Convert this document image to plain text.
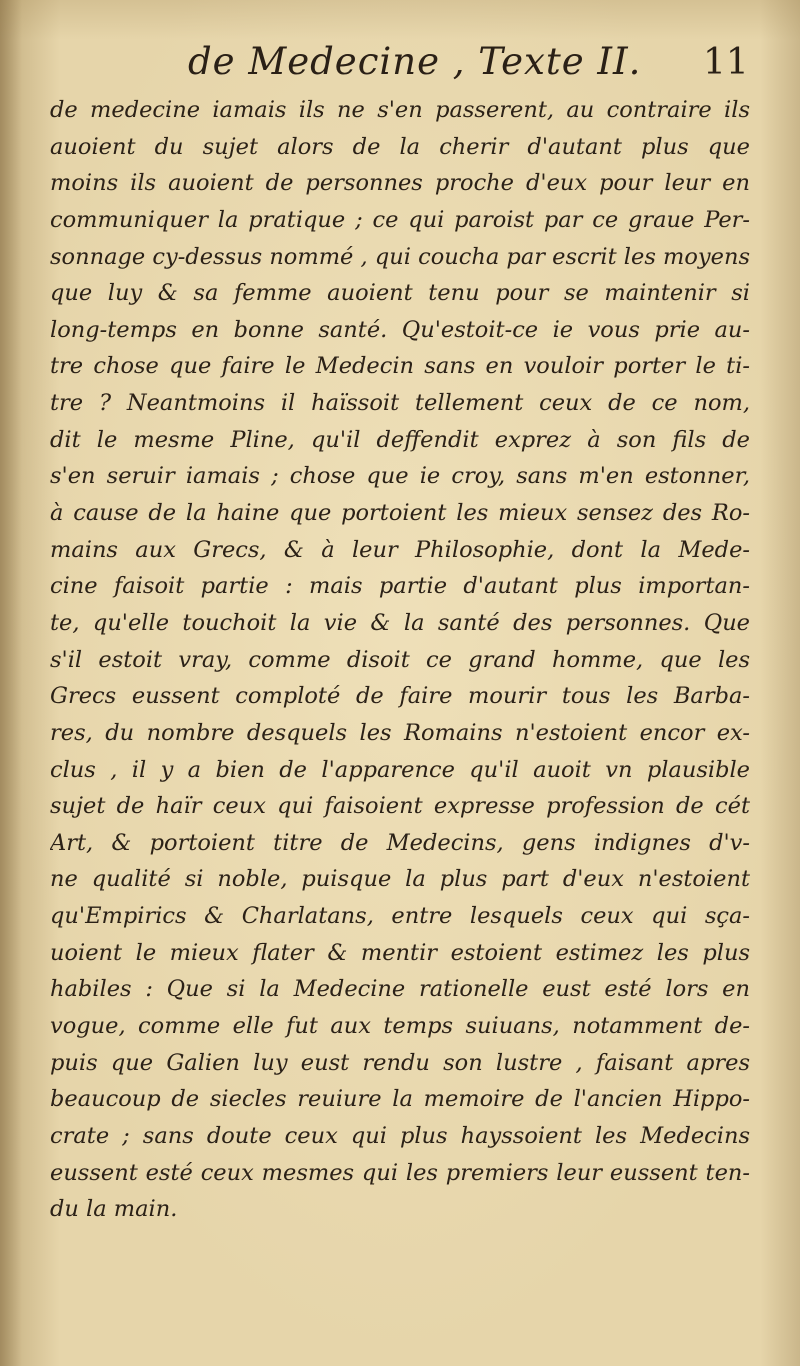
de Medecine , Texte II. 11
de medecine iamais ils ne s'en passerent, au contraire ils
auoient du sujet alors de la cherir d'autant plus que
moins ils auoient de personnes proche d'eux pour leur en
communiquer la pratique ; ce qui paroist par ce graue Per-
sonnage cy-dessus nommé , qui coucha par escrit les moyens
que luy & sa femme auoient tenu pour se maintenir si
long-temps en bonne santé. Qu'estoit-ce ie vous prie au-
tre chose que faire le Medecin sans en vouloir porter le ti-
tre ? Neantmoins il haïssoit tellement ceux de ce nom,
dit le mesme Pline, qu'il deffendit exprez à son fils de
s'en seruir iamais ; chose que ie croy, sans m'en estonner,
à cause de la haine que portoient les mieux sensez des Ro-
mains aux Grecs, & à leur Philosophie, dont la Mede-
cine faisoit partie : mais partie d'autant plus importan-
te, qu'elle touchoit la vie & la santé des personnes. Que
s'il estoit vray, comme disoit ce grand homme, que les
Grecs eussent comploté de faire mourir tous les Barba-
res, du nombre desquels les Romains n'estoient encor ex-
clus , il y a bien de l'apparence qu'il auoit vn plausible
sujet de haïr ceux qui faisoient expresse profession de cét
Art, & portoient titre de Medecins, gens indignes d'v-
ne qualité si noble, puisque la plus part d'eux n'estoient
qu'Empirics & Charlatans, entre lesquels ceux qui sça-
uoient le mieux flater & mentir estoient estimez les plus
habiles : Que si la Medecine rationelle eust esté lors en
vogue, comme elle fut aux temps suiuans, notamment de-
puis que Galien luy eust rendu son lustre , faisant apres
beaucoup de siecles reuiure la memoire de l'ancien Hippo-
crate ; sans doute ceux qui plus hayssoient les Medecins
eussent esté ceux mesmes qui les premiers leur eussent ten-
du la main.
